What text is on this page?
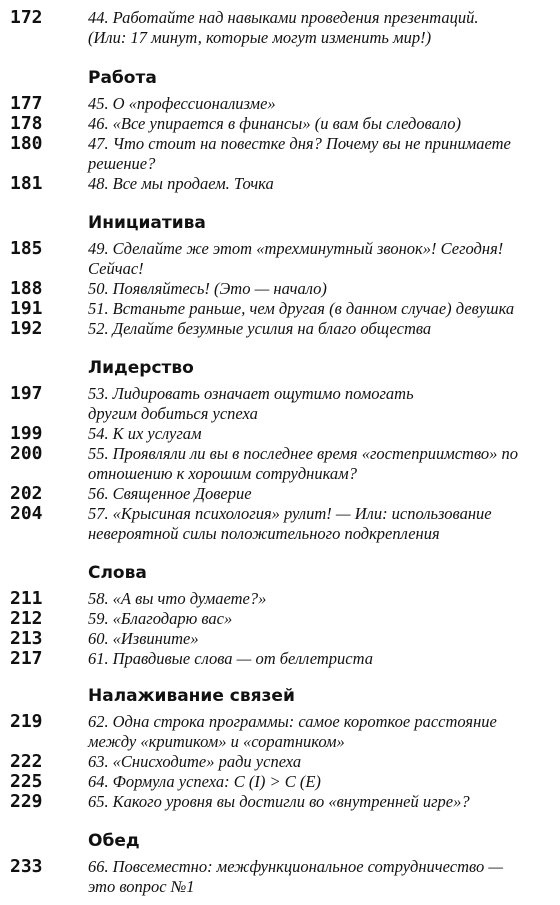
172	44. Работайте над навыками проведения презентаций. (Или: 17 минут, которые могут изменить мир!)
Работа
177	45. О «профессионализме»
178	46. «Все упирается в финансы» (и вам бы следовало)
180	47. Что стоит на повестке дня? Почему вы не принимаете решение?
181	48. Все мы продаем. Точка
Инициатива
185	49. Сделайте же этот «трехминутный звонок»! Сегодня! Сейчас!
188	50. Появляйтесь! (Это — начало)
191	51. Встаньте раньше, чем другая (в данном случае) девушка
192	52. Делайте безумные усилия на благо общества
Лидерство
197	53. Лидировать означает ощутимо помогать другим добиться успеха
199	54. К их услугам
200	55. Проявляли ли вы в последнее время «гостеприимство» по отношению к хорошим сотрудникам?
202	56. Священное Доверие
204	57. «Крысиная психология» рулит! — Или: использование невероятной силы положительного подкрепления
Слова
211	58. «А вы что думаете?»
212	59. «Благодарю вас»
213	60. «Извините»
217	61. Правдивые слова — от беллетриста
Налаживание связей
219	62. Одна строка программы: самое короткое расстояние между «критиком» и «соратником»
222	63. «Снисходите» ради успеха
225	64. Формула успеха: С (I) > С (E)
229	65. Какого уровня вы достигли во «внутренней игре»?
Обед
233	66. Повсеместно: межфункциональное сотрудничество — это вопрос №1
